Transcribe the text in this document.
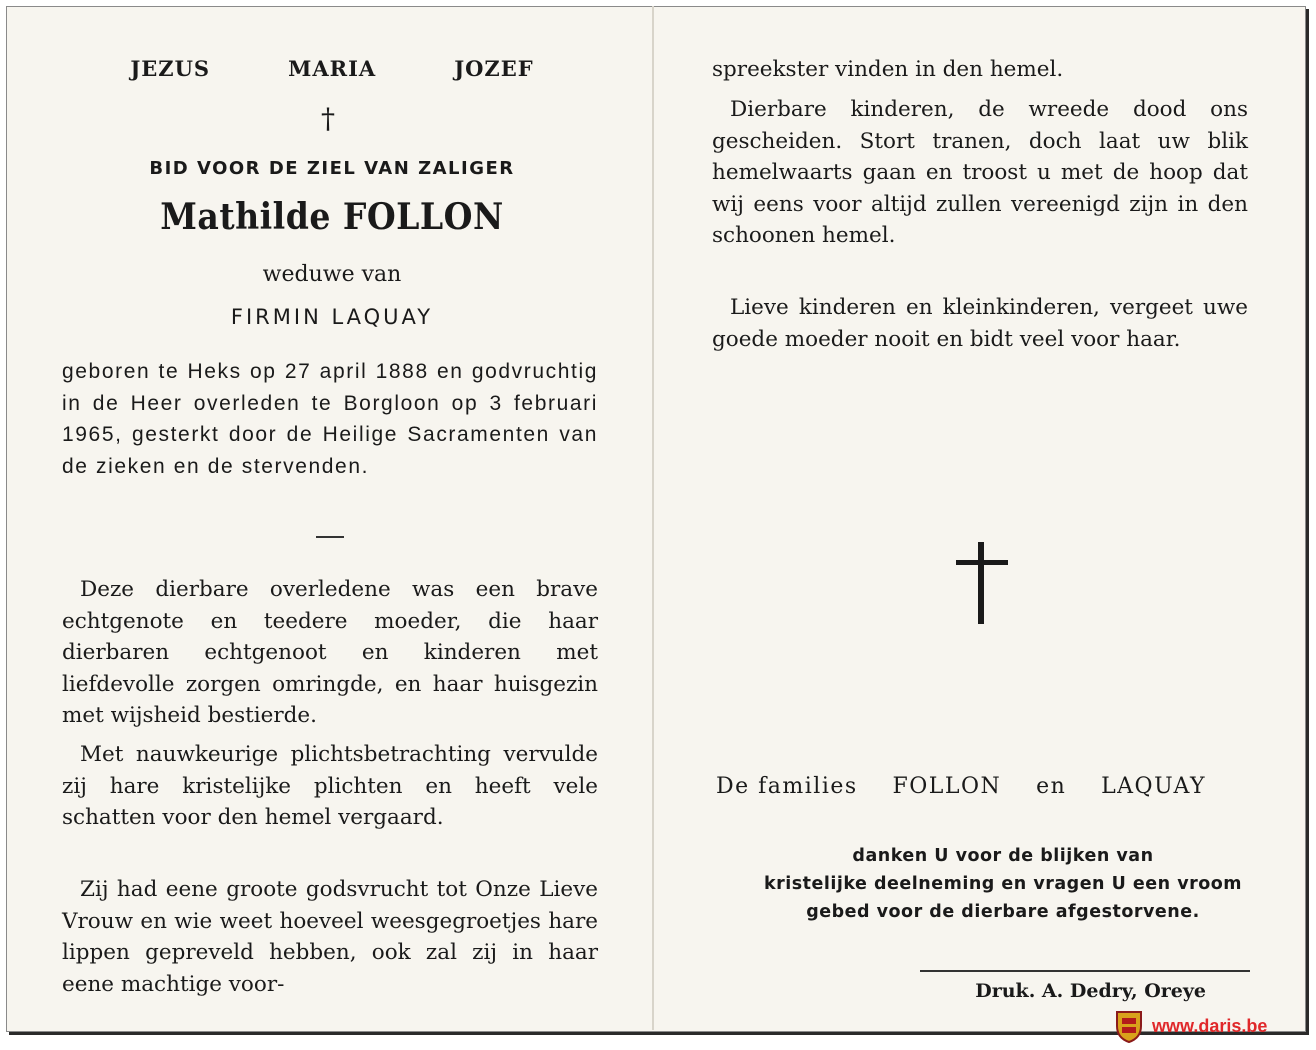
JEZUS	MARIA	JOZEF
†
BID VOOR DE ZIEL VAN ZALIGER
Mathilde FOLLON
weduwe van
FIRMIN LAQUAY

geboren te Heks op 27 april 1888 en godvruchtig in de Heer overleden te Borgloon op 3 februari 1965, gesterkt door de Heilige Sacramenten van de zieken en de stervenden.

Deze dierbare overledene was een brave echtgenote en teedere moeder, die haar dierbaren echtgenoot en kinderen met liefdevolle zorgen omringde, en haar huisgezin met wijsheid bestierde.

Met nauwkeurige plichtsbetrachting vervulde zij hare kristelijke plichten en heeft vele schatten voor den hemel vergaard.

Zij had eene groote godsvrucht tot Onze Lieve Vrouw en wie weet hoeveel weesgegroetjes hare lippen gepreveld hebben, ook zal zij in haar eene machtige voor-

spreekster vinden in den hemel.

Dierbare kinderen, de wreede dood ons gescheiden. Stort tranen, doch laat uw blik hemelwaarts gaan en troost u met de hoop dat wij eens voor altijd zullen vereenigd zijn in den schoonen hemel.

Lieve kinderen en kleinkinderen, vergeet uwe goede moeder nooit en bidt veel voor haar.

De families FOLLON en LAQUAY
danken U voor de blijken van
kristelijke deelneming en vragen U een vroom
gebed voor de dierbare afgestorvene.
Druk. A. Dedry, Oreye
www.daris.be
